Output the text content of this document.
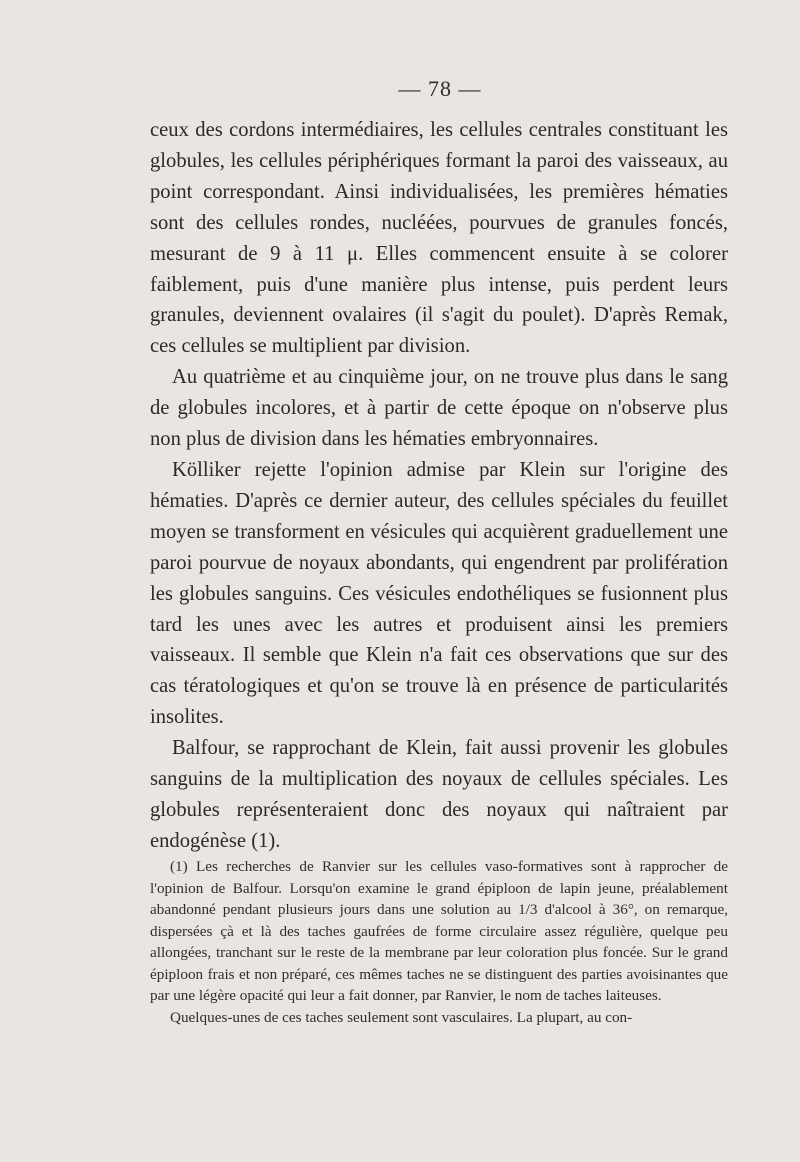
— 78 —

ceux des cordons intermédiaires, les cellules centrales constituant les globules, les cellules périphériques formant la paroi des vaisseaux, au point correspondant. Ainsi individualisées, les premières hématies sont des cellules rondes, nucléées, pourvues de granules foncés, mesurant de 9 à 11 μ. Elles commencent ensuite à se colorer faiblement, puis d'une manière plus intense, puis perdent leurs granules, deviennent ovalaires (il s'agit du poulet). D'après Remak, ces cellules se multiplient par division.

Au quatrième et au cinquième jour, on ne trouve plus dans le sang de globules incolores, et à partir de cette époque on n'observe plus non plus de division dans les hématies embryonnaires.

Kölliker rejette l'opinion admise par Klein sur l'origine des hématies. D'après ce dernier auteur, des cellules spéciales du feuillet moyen se transforment en vésicules qui acquièrent graduellement une paroi pourvue de noyaux abondants, qui engendrent par prolifération les globules sanguins. Ces vésicules endothéliques se fusionnent plus tard les unes avec les autres et produisent ainsi les premiers vaisseaux. Il semble que Klein n'a fait ces observations que sur des cas tératologiques et qu'on se trouve là en présence de particularités insolites.

Balfour, se rapprochant de Klein, fait aussi provenir les globules sanguins de la multiplication des noyaux de cellules spéciales. Les globules représenteraient donc des noyaux qui naîtraient par endogénèse (1).

(1) Les recherches de Ranvier sur les cellules vaso-formatives sont à rapprocher de l'opinion de Balfour. Lorsqu'on examine le grand épiploon de lapin jeune, préalablement abandonné pendant plusieurs jours dans une solution au 1/3 d'alcool à 36°, on remarque, dispersées çà et là des taches gaufrées de forme circulaire assez régulière, quelque peu allongées, tranchant sur le reste de la membrane par leur coloration plus foncée. Sur le grand épiploon frais et non préparé, ces mêmes taches ne se distinguent des parties avoisinantes que par une légère opacité qui leur a fait donner, par Ranvier, le nom de taches laiteuses.

Quelques-unes de ces taches seulement sont vasculaires. La plupart, au con-
